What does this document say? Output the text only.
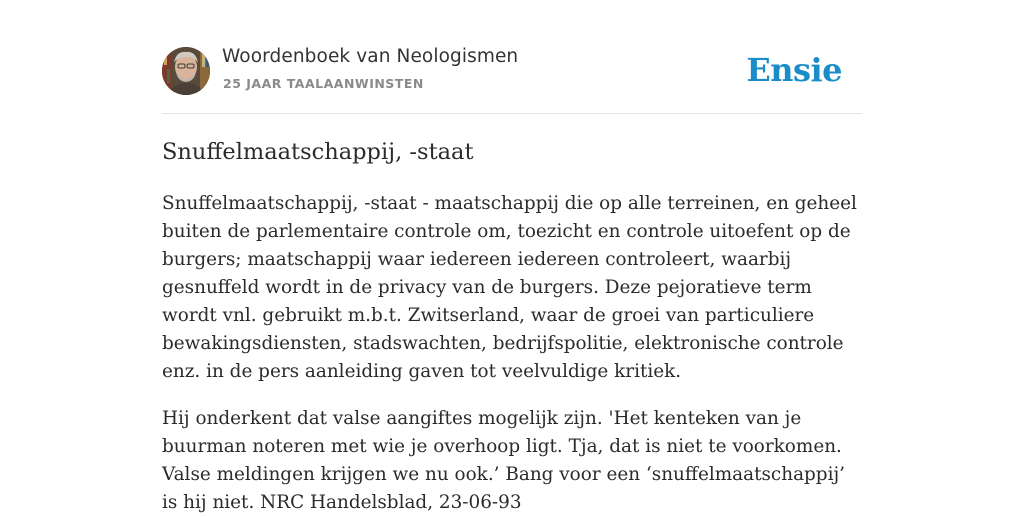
Woordenboek van Neologismen
25 JAAR TAALAANWINSTEN	Ensie
Snuffelmaatschappij, -staat

Snuffelmaatschappij, -staat - maatschappij die op alle terreinen, en geheel buiten de parlementaire controle om, toezicht en controle uitoefent op de burgers; maatschappij waar iedereen iedereen controleert, waarbij gesnuffeld wordt in de privacy van de burgers. Deze pejoratieve term wordt vnl. gebruikt m.b.t. Zwitserland, waar de groei van particuliere bewakingsdiensten, stadswachten, bedrijfspolitie, elektronische controle enz. in de pers aanleiding gaven tot veelvuldige kritiek.

Hij onderkent dat valse aangiftes mogelijk zijn. 'Het kenteken van je buurman noteren met wie je overhoop ligt. Tja, dat is niet te voorkomen. Valse meldingen krijgen we nu ook.’ Bang voor een ‘snuffelmaatschappij’ is hij niet. NRC Handelsblad, 23-06-93
